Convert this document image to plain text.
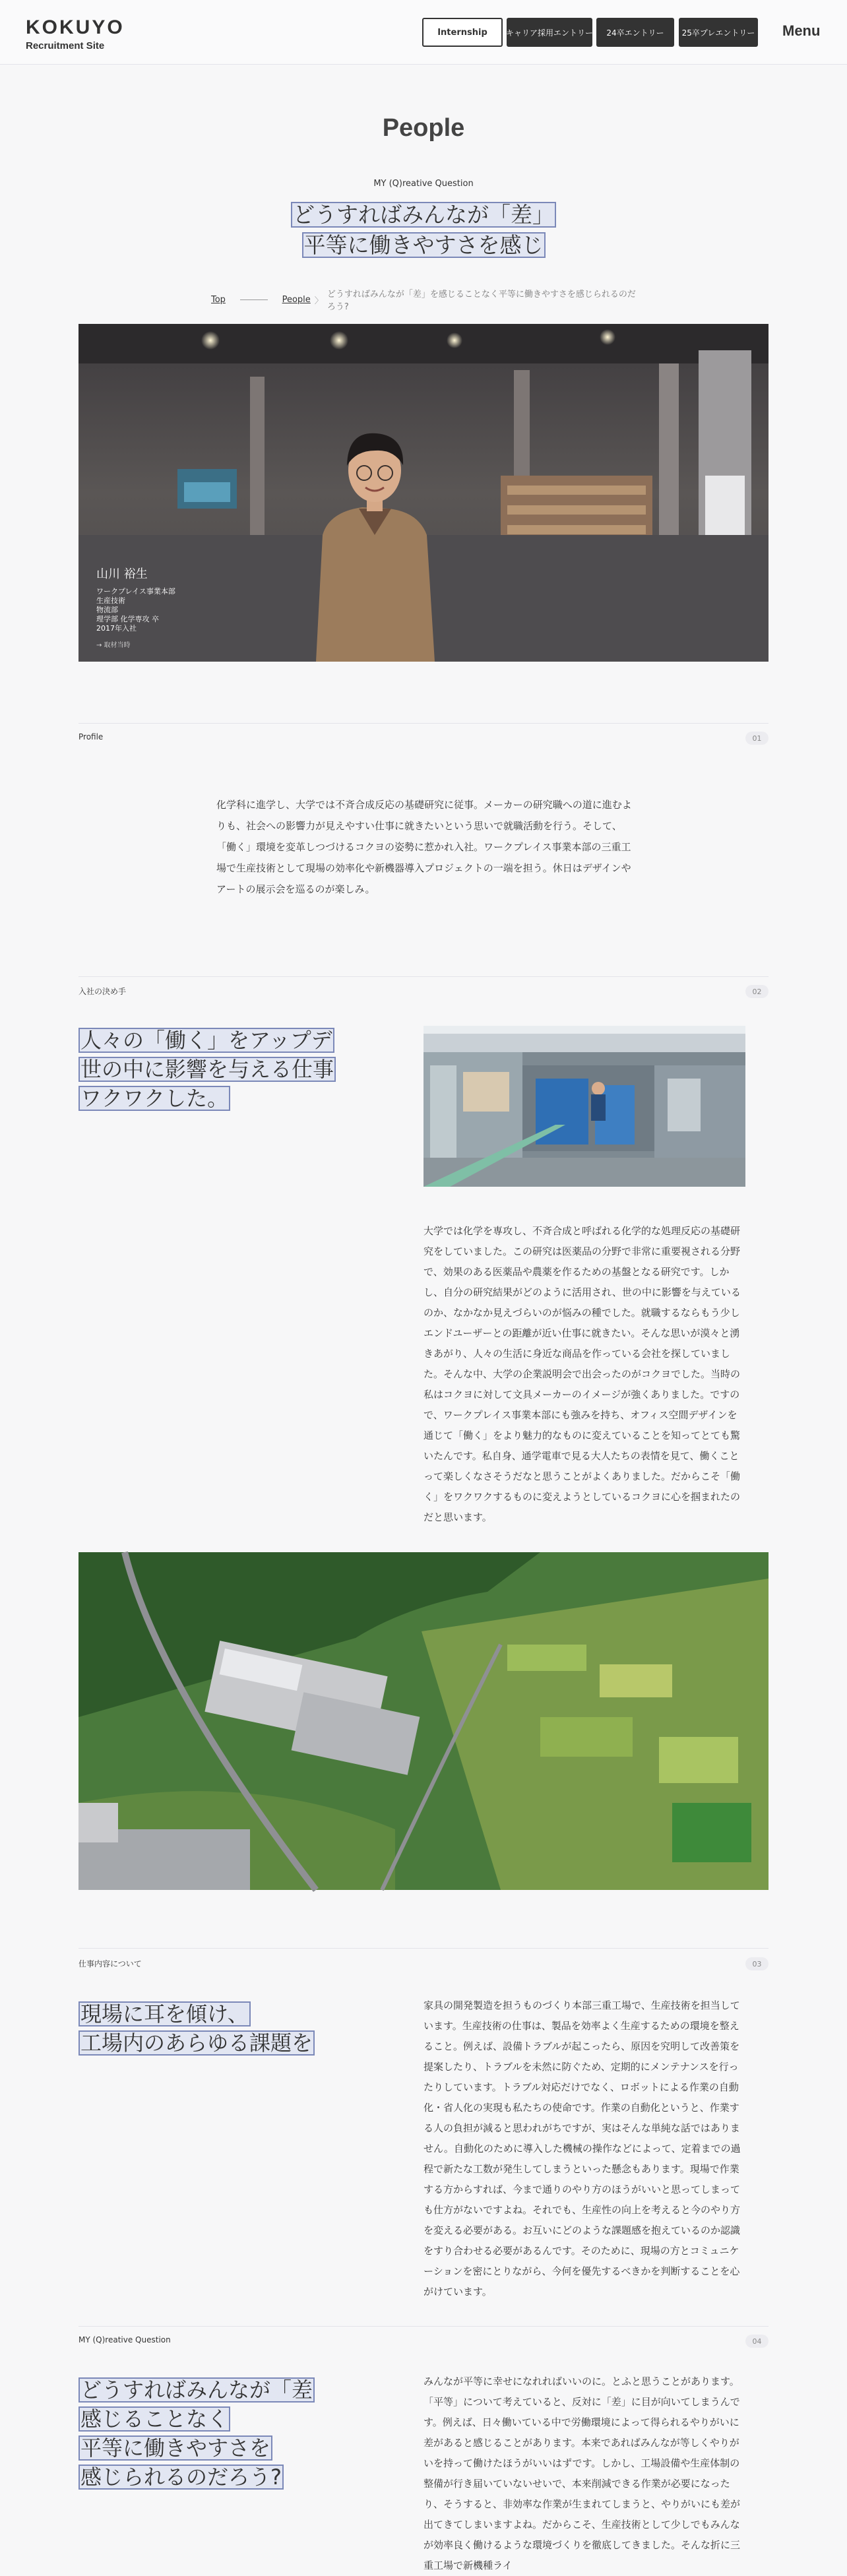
KOKUYO
Recruitment Site
Internship	キャリア採用エントリー	24卒エントリー	25卒プレエントリー Menu
People
MY (Q)reative Question
どうすればみんなが「差」
平等に働きやすさを感じ
Top	People 〉
どうすればみんなが「差」を感じることなく平等に働きやすさを感じられるのだろう?
山川 裕生
ワークプレイス事業本部
生産技術
物流部
理学部 化学専攻 卒
2017年入社
→ 取材当時
Profile	01

化学科に進学し、大学では不斉合成反応の基礎研究に従事。メーカーの研究職への道に進むよりも、社会への影響力が見えやすい仕事に就きたいという思いで就職活動を行う。そして、「働く」環境を変革しつづけるコクヨの姿勢に惹かれ入社。ワークプレイス事業本部の三重工場で生産技術として現場の効率化や新機器導入プロジェクトの一端を担う。休日はデザインやアートの展示会を巡るのが楽しみ。

入社の決め手	02
人々の「働く」をアップデ
世の中に影響を与える仕事
ワクワクした。

大学では化学を専攻し、不斉合成と呼ばれる化学的な処理反応の基礎研究をしていました。この研究は医薬品の分野で非常に重要視される分野で、効果のある医薬品や農薬を作るための基盤となる研究です。しかし、自分の研究結果がどのように活用され、世の中に影響を与えているのか、なかなか見えづらいのが悩みの種でした。就職するならもう少しエンドユーザーとの距離が近い仕事に就きたい。そんな思いが漠々と湧きあがり、人々の生活に身近な商品を作っている会社を探していました。そんな中、大学の企業説明会で出会ったのがコクヨでした。当時の私はコクヨに対して文具メーカーのイメージが強くありました。ですので、ワークプレイス事業本部にも強みを持ち、オフィス空間デザインを通じて「働く」をより魅力的なものに変えていることを知ってとても驚いたんです。私自身、通学電車で見る大人たちの表情を見て、働くことって楽しくなさそうだなと思うことがよくありました。だからこそ「働く」をワクワクするものに変えようとしているコクヨに心を掴まれたのだと思います。

仕事内容について	03
現場に耳を傾け、
工場内のあらゆる課題を

家具の開発製造を担うものづくり本部三重工場で、生産技術を担当しています。生産技術の仕事は、製品を効率よく生産するための環境を整えること。例えば、設備トラブルが起こったら、原因を究明して改善策を提案したり、トラブルを未然に防ぐため、定期的にメンテナンスを行ったりしています。トラブル対応だけでなく、ロボットによる作業の自動化・省人化の実現も私たちの使命です。作業の自動化というと、作業する人の負担が減ると思われがちですが、実はそんな単純な話ではありません。自動化のために導入した機械の操作などによって、定着までの過程で新たな工数が発生してしまうといった懸念もあります。現場で作業する方からすれば、今まで通りのやり方のほうがいいと思ってしまっても仕方がないですよね。それでも、生産性の向上を考えると今のやり方を変える必要がある。お互いにどのような課題感を抱えているのか認識をすり合わせる必要があるんです。そのために、現場の方とコミュニケーションを密にとりながら、今何を優先するべきかを判断することを心がけています。

MY (Q)reative Question	04
どうすればみんなが「差
感じることなく
平等に働きやすさを
感じられるのだろう?

みんなが平等に幸せになれればいいのに。とふと思うことがあります。「平等」について考えていると、反対に「差」に目が向いてしまうんです。例えば、日々働いている中で労働環境によって得られるやりがいに差があると感じることがあります。本来であればみんなが等しくやりがいを持って働けたほうがいいはずです。しかし、工場設備や生産体制の整備が行き届いていないせいで、本来削減できる作業が必要になったり、そうすると、非効率な作業が生まれてしまうと、やりがいにも差が出てきてしまいますよね。だからこそ、生産技術として少しでもみんなが効率良く働けるような環境づくりを徹底してきました。そんな折に三重工場で新機種ライ
